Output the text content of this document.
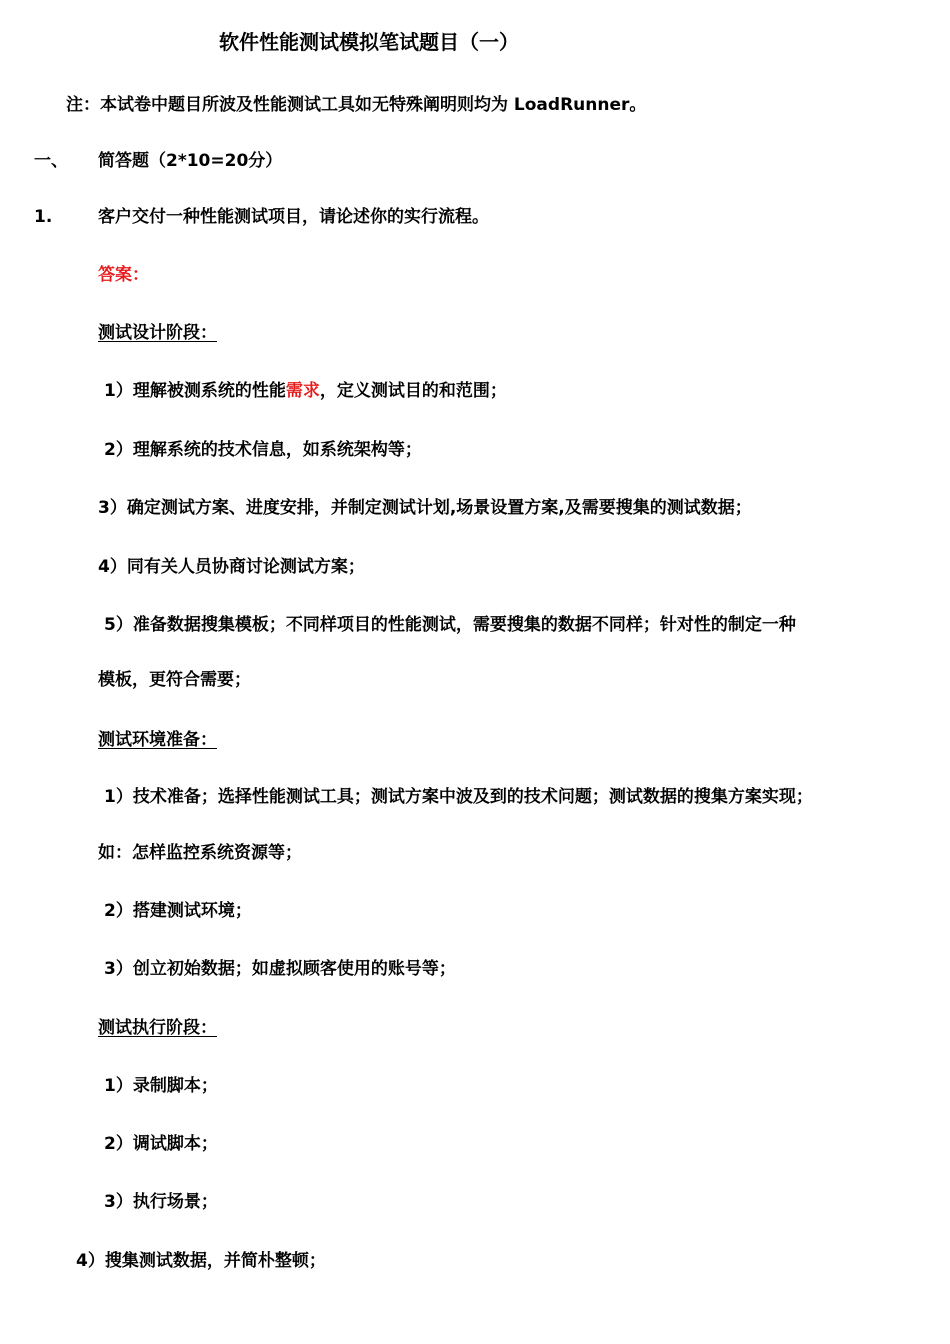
软件性能测试模拟笔试题目（一）
注：本试卷中题目所波及性能测试工具如无特殊阐明则均为 LoadRunner。
一、 简答题（2*10=20分）
1.	客户交付一种性能测试项目，请论述你的实行流程。
答案：
测试设计阶段：
1）理解被测系统的性能需求，定义测试目的和范围；
2）理解系统的技术信息，如系统架构等；
3）确定测试方案、进度安排，并制定测试计划,场景设置方案,及需要搜集的测试数据；
4）同有关人员协商讨论测试方案；
5）准备数据搜集模板；不同样项目的性能测试，需要搜集的数据不同样；针对性的制定一种
模板，更符合需要；
测试环境准备：
1）技术准备；选择性能测试工具；测试方案中波及到的技术问题；测试数据的搜集方案实现；
如：怎样监控系统资源等；
2）搭建测试环境；
3）创立初始数据；如虚拟顾客使用的账号等；
测试执行阶段：
1）录制脚本；
2）调试脚本；
3）执行场景；
4）搜集测试数据，并简朴整顿；
